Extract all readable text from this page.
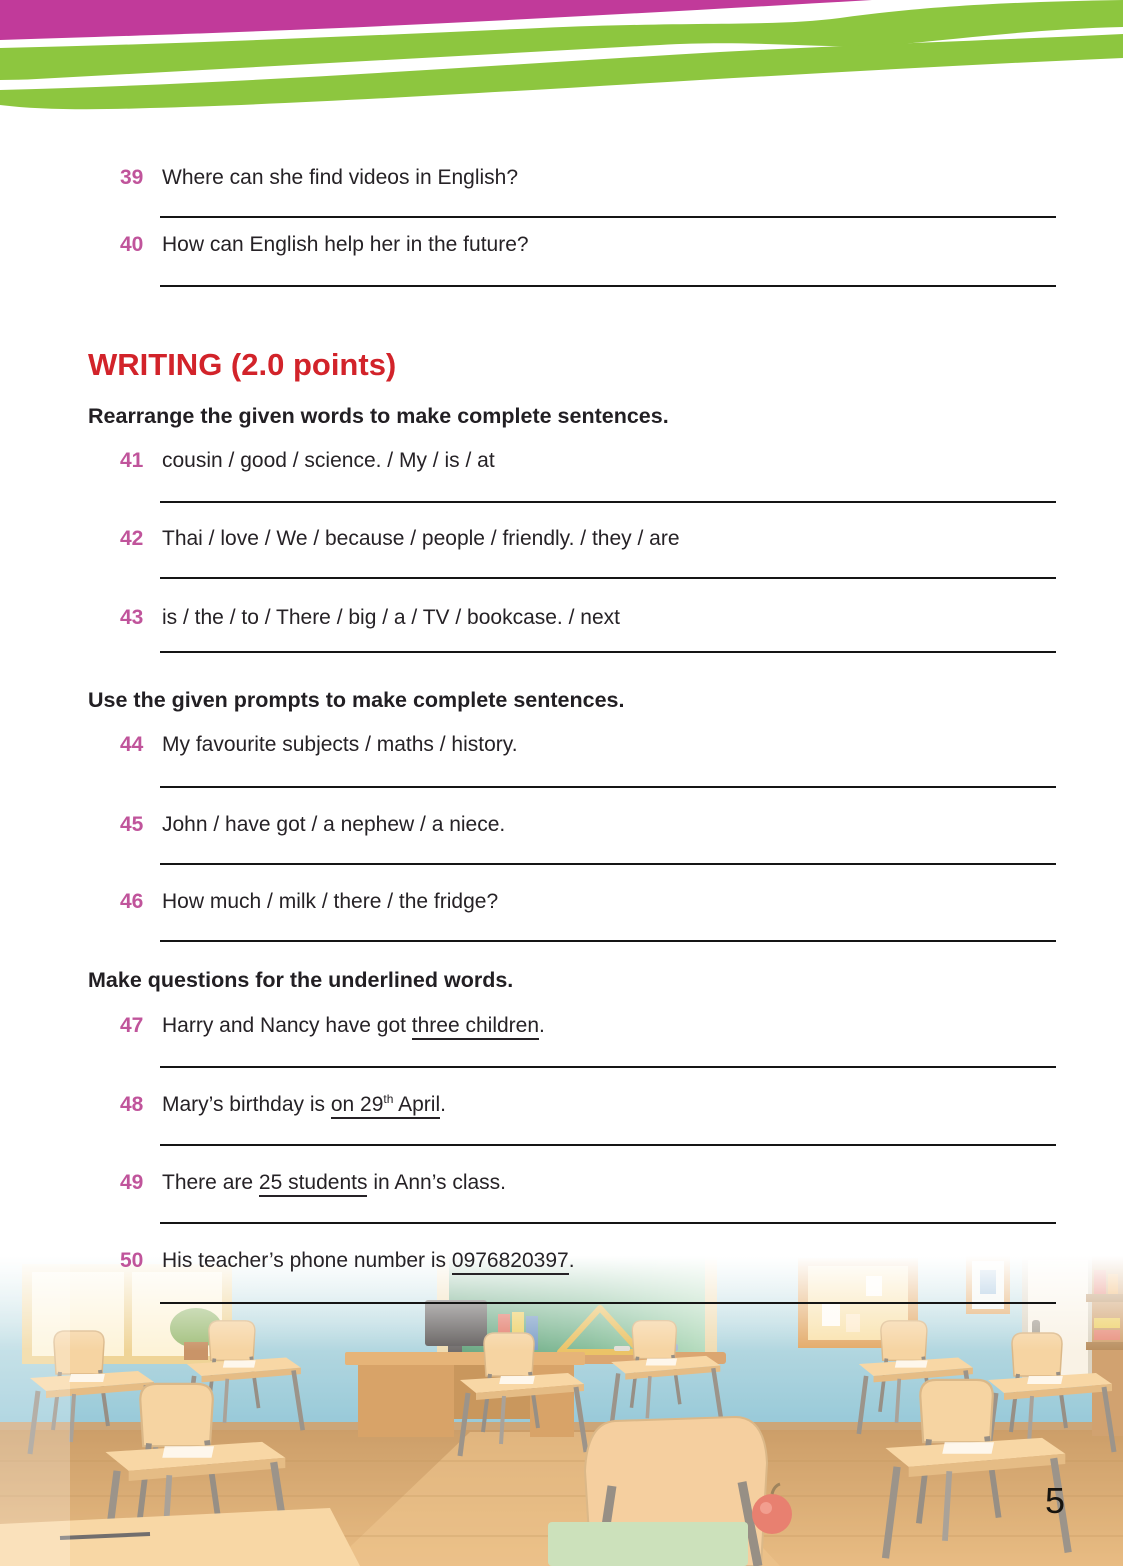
39 Where can she find videos in English?
40 How can English help her in the future?
WRITING (2.0 points)
Rearrange the given words to make complete sentences.
41 cousin / good / science. / My / is / at
42 Thai / love / We / because / people / friendly. / they / are
43 is / the / to / There / big / a / TV / bookcase. / next
Use the given prompts to make complete sentences.
44 My favourite subjects / maths / history.
45 John / have got / a nephew / a niece.
46 How much / milk / there / the fridge?
Make questions for the underlined words.
47 Harry and Nancy have got three children.
48 Mary’s birthday is on 29th April.
49 There are 25 students in Ann’s class.
50 His teacher’s phone number is 0976820397.
5
